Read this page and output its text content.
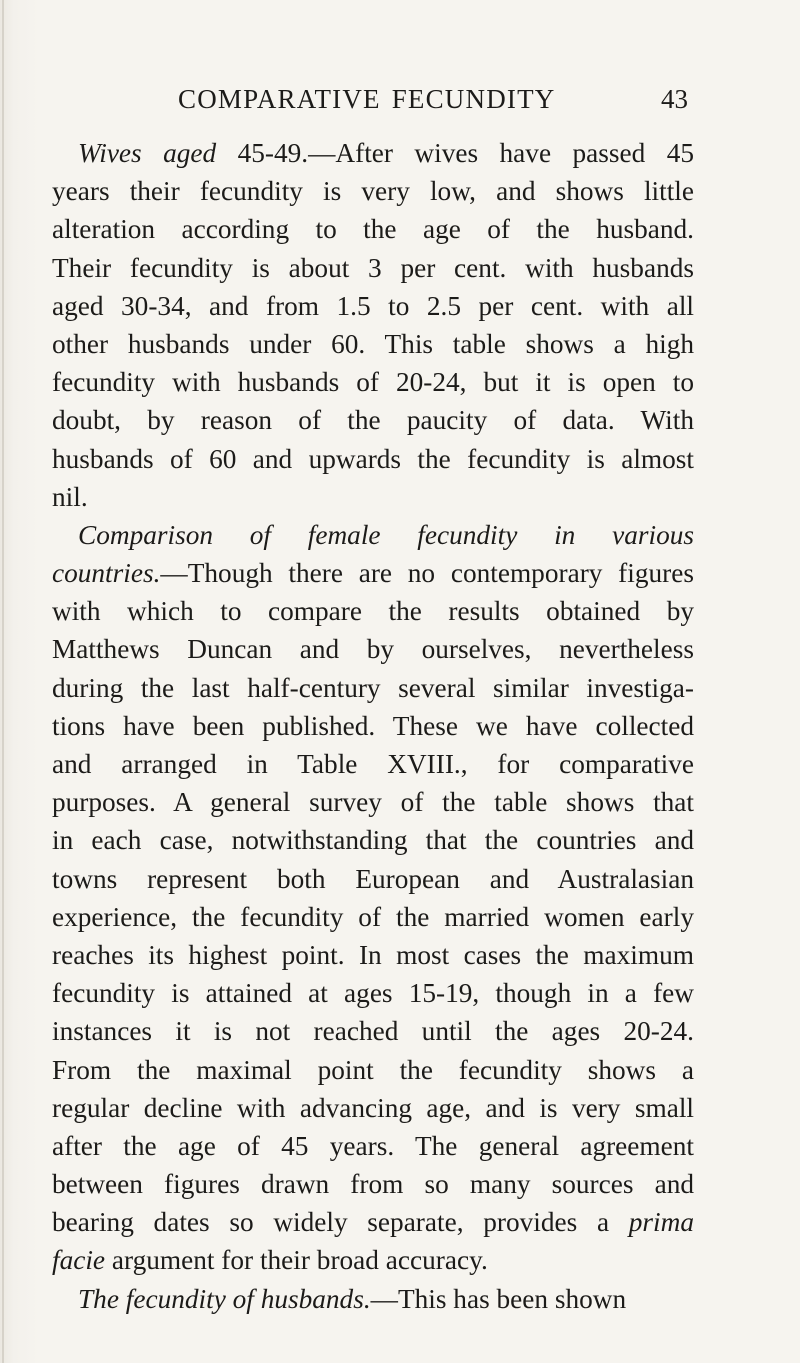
COMPARATIVE FECUNDITY	43
Wives aged 45-49.—After wives have passed 45
years their fecundity is very low, and shows little
alteration according to the age of the husband.
Their fecundity is about 3 per cent. with husbands
aged 30-34, and from 1.5 to 2.5 per cent. with all
other husbands under 60. This table shows a high
fecundity with husbands of 20-24, but it is open to
doubt, by reason of the paucity of data. With
husbands of 60 and upwards the fecundity is almost
nil.
Comparison of female fecundity in various
countries.—Though there are no contemporary figures
with which to compare the results obtained by
Matthews Duncan and by ourselves, nevertheless
during the last half-century several similar investiga-
tions have been published. These we have collected
and arranged in Table XVIII., for comparative
purposes. A general survey of the table shows that
in each case, notwithstanding that the countries and
towns represent both European and Australasian
experience, the fecundity of the married women early
reaches its highest point. In most cases the maximum
fecundity is attained at ages 15-19, though in a few
instances it is not reached until the ages 20-24.
From the maximal point the fecundity shows a
regular decline with advancing age, and is very small
after the age of 45 years. The general agreement
between figures drawn from so many sources and
bearing dates so widely separate, provides a prima
facie argument for their broad accuracy.
The fecundity of husbands.—This has been shown
